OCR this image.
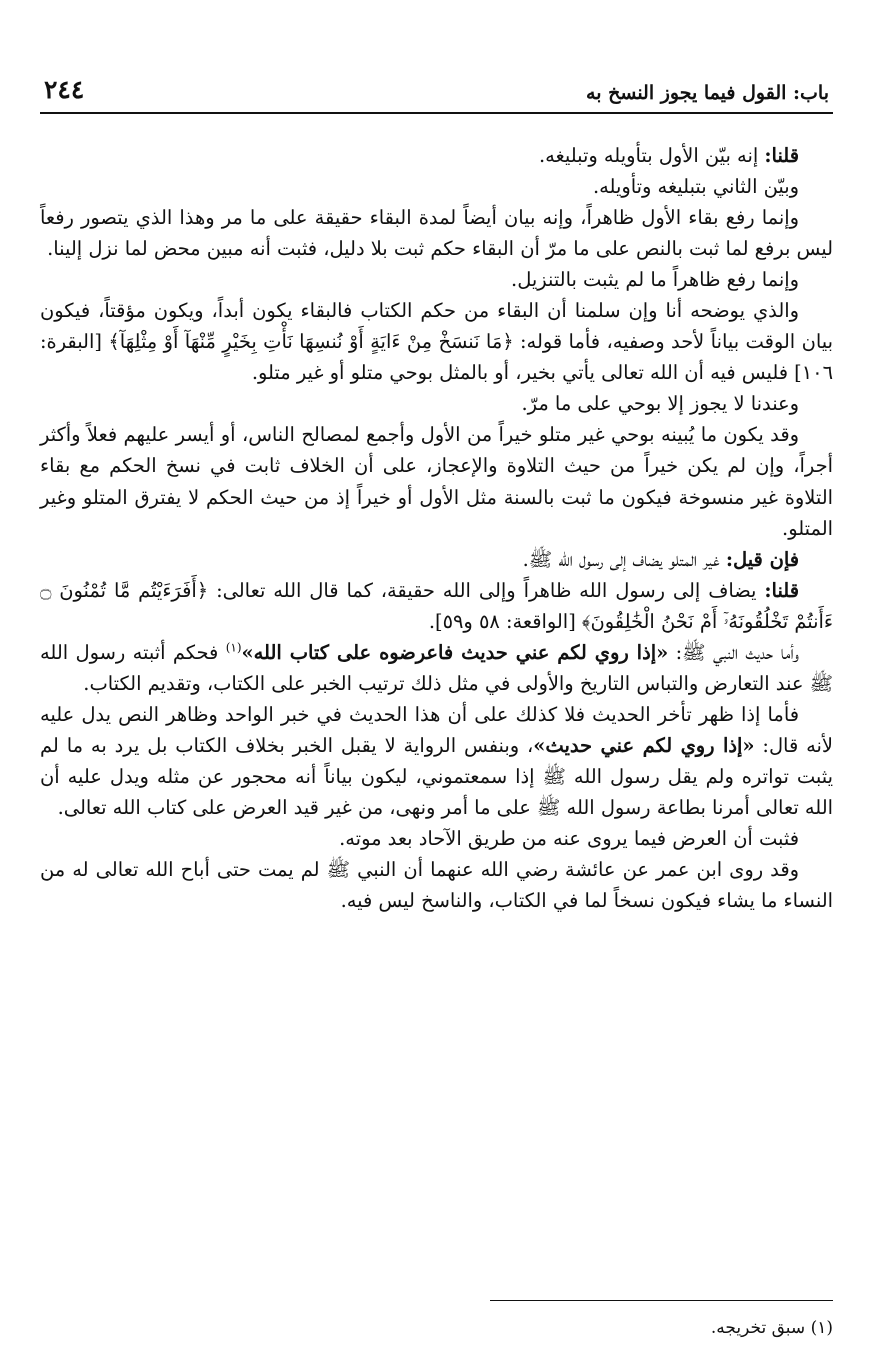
باب: القول فيما يجوز النسخ به
٢٤٤

قلنا: إنه بيّن الأول بتأويله وتبليغه.

وبيّن الثاني بتبليغه وتأويله.

وإنما رفع بقاء الأول ظاهراً، وإنه بيان أيضاً لمدة البقاء حقيقة على ما مر وهذا الذي يتصور رفعاً ليس برفع لما ثبت بالنص على ما مرّ أن البقاء حكم ثبت بلا دليل، فثبت أنه مبين محض لما نزل إلينا.

وإنما رفع ظاهراً ما لم يثبت بالتنزيل.

والذي يوضحه أنا وإن سلمنا أن البقاء من حكم الكتاب فالبقاء يكون أبداً، ويكون مؤقتاً، فيكون بيان الوقت بياناً لأحد وصفيه، فأما قوله: ﴿مَا نَنسَخْ مِنْ ءَايَةٍ أَوْ نُنسِهَا نَأْتِ بِخَيْرٍ مِّنْهَآ أَوْ مِثْلِهَآ﴾ [البقرة: ١٠٦] فليس فيه أن الله تعالى يأتي بخير، أو بالمثل بوحي متلو أو غير متلو.

وعندنا لا يجوز إلا بوحي على ما مرّ.

وقد يكون ما يُبينه بوحي غير متلو خيراً من الأول وأجمع لمصالح الناس، أو أيسر عليهم فعلاً وأكثر أجراً، وإن لم يكن خيراً من حيث التلاوة والإعجاز، على أن الخلاف ثابت في نسخ الحكم مع بقاء التلاوة غير منسوخة فيكون ما ثبت بالسنة مثل الأول أو خيراً إذ من حيث الحكم لا يفترق المتلو وغير المتلو.

فإن قيل: غير المتلو يضاف إلى رسول الله ﷺ.

قلنا: يضاف إلى رسول الله ظاهراً وإلى الله حقيقة، كما قال الله تعالى: ﴿أَفَرَءَيْتُم مَّا تُمْنُونَ ۝ ءَأَنتُمْ تَخْلُقُونَهُۥٓ أَمْ نَحْنُ الْخَٰلِقُونَ﴾ [الواقعة: ٥٨ و٥٩].

وأما حديث النبي ﷺ: «إذا روي لكم عني حديث فاعرضوه على كتاب الله»$^{(١)}$ فحكم أثبته رسول الله ﷺ عند التعارض والتباس التاريخ والأولى في مثل ذلك ترتيب الخبر على الكتاب، وتقديم الكتاب.

فأما إذا ظهر تأخر الحديث فلا كذلك على أن هذا الحديث في خبر الواحد وظاهر النص يدل عليه لأنه قال: «إذا روي لكم عني حديث»، وبنفس الرواية لا يقبل الخبر بخلاف الكتاب بل يرد به ما لم يثبت تواتره ولم يقل رسول الله ﷺ إذا سمعتموني، ليكون بياناً أنه محجور عن مثله ويدل عليه أن الله تعالى أمرنا بطاعة رسول الله ﷺ على ما أمر ونهى، من غير قيد العرض على كتاب الله تعالى.

فثبت أن العرض فيما يروى عنه من طريق الآحاد بعد موته.

وقد روى ابن عمر عن عائشة رضي الله عنهما أن النبي ﷺ لم يمت حتى أباح الله تعالى له من النساء ما يشاء فيكون نسخاً لما في الكتاب، والناسخ ليس فيه.

(١) سبق تخريجه.
